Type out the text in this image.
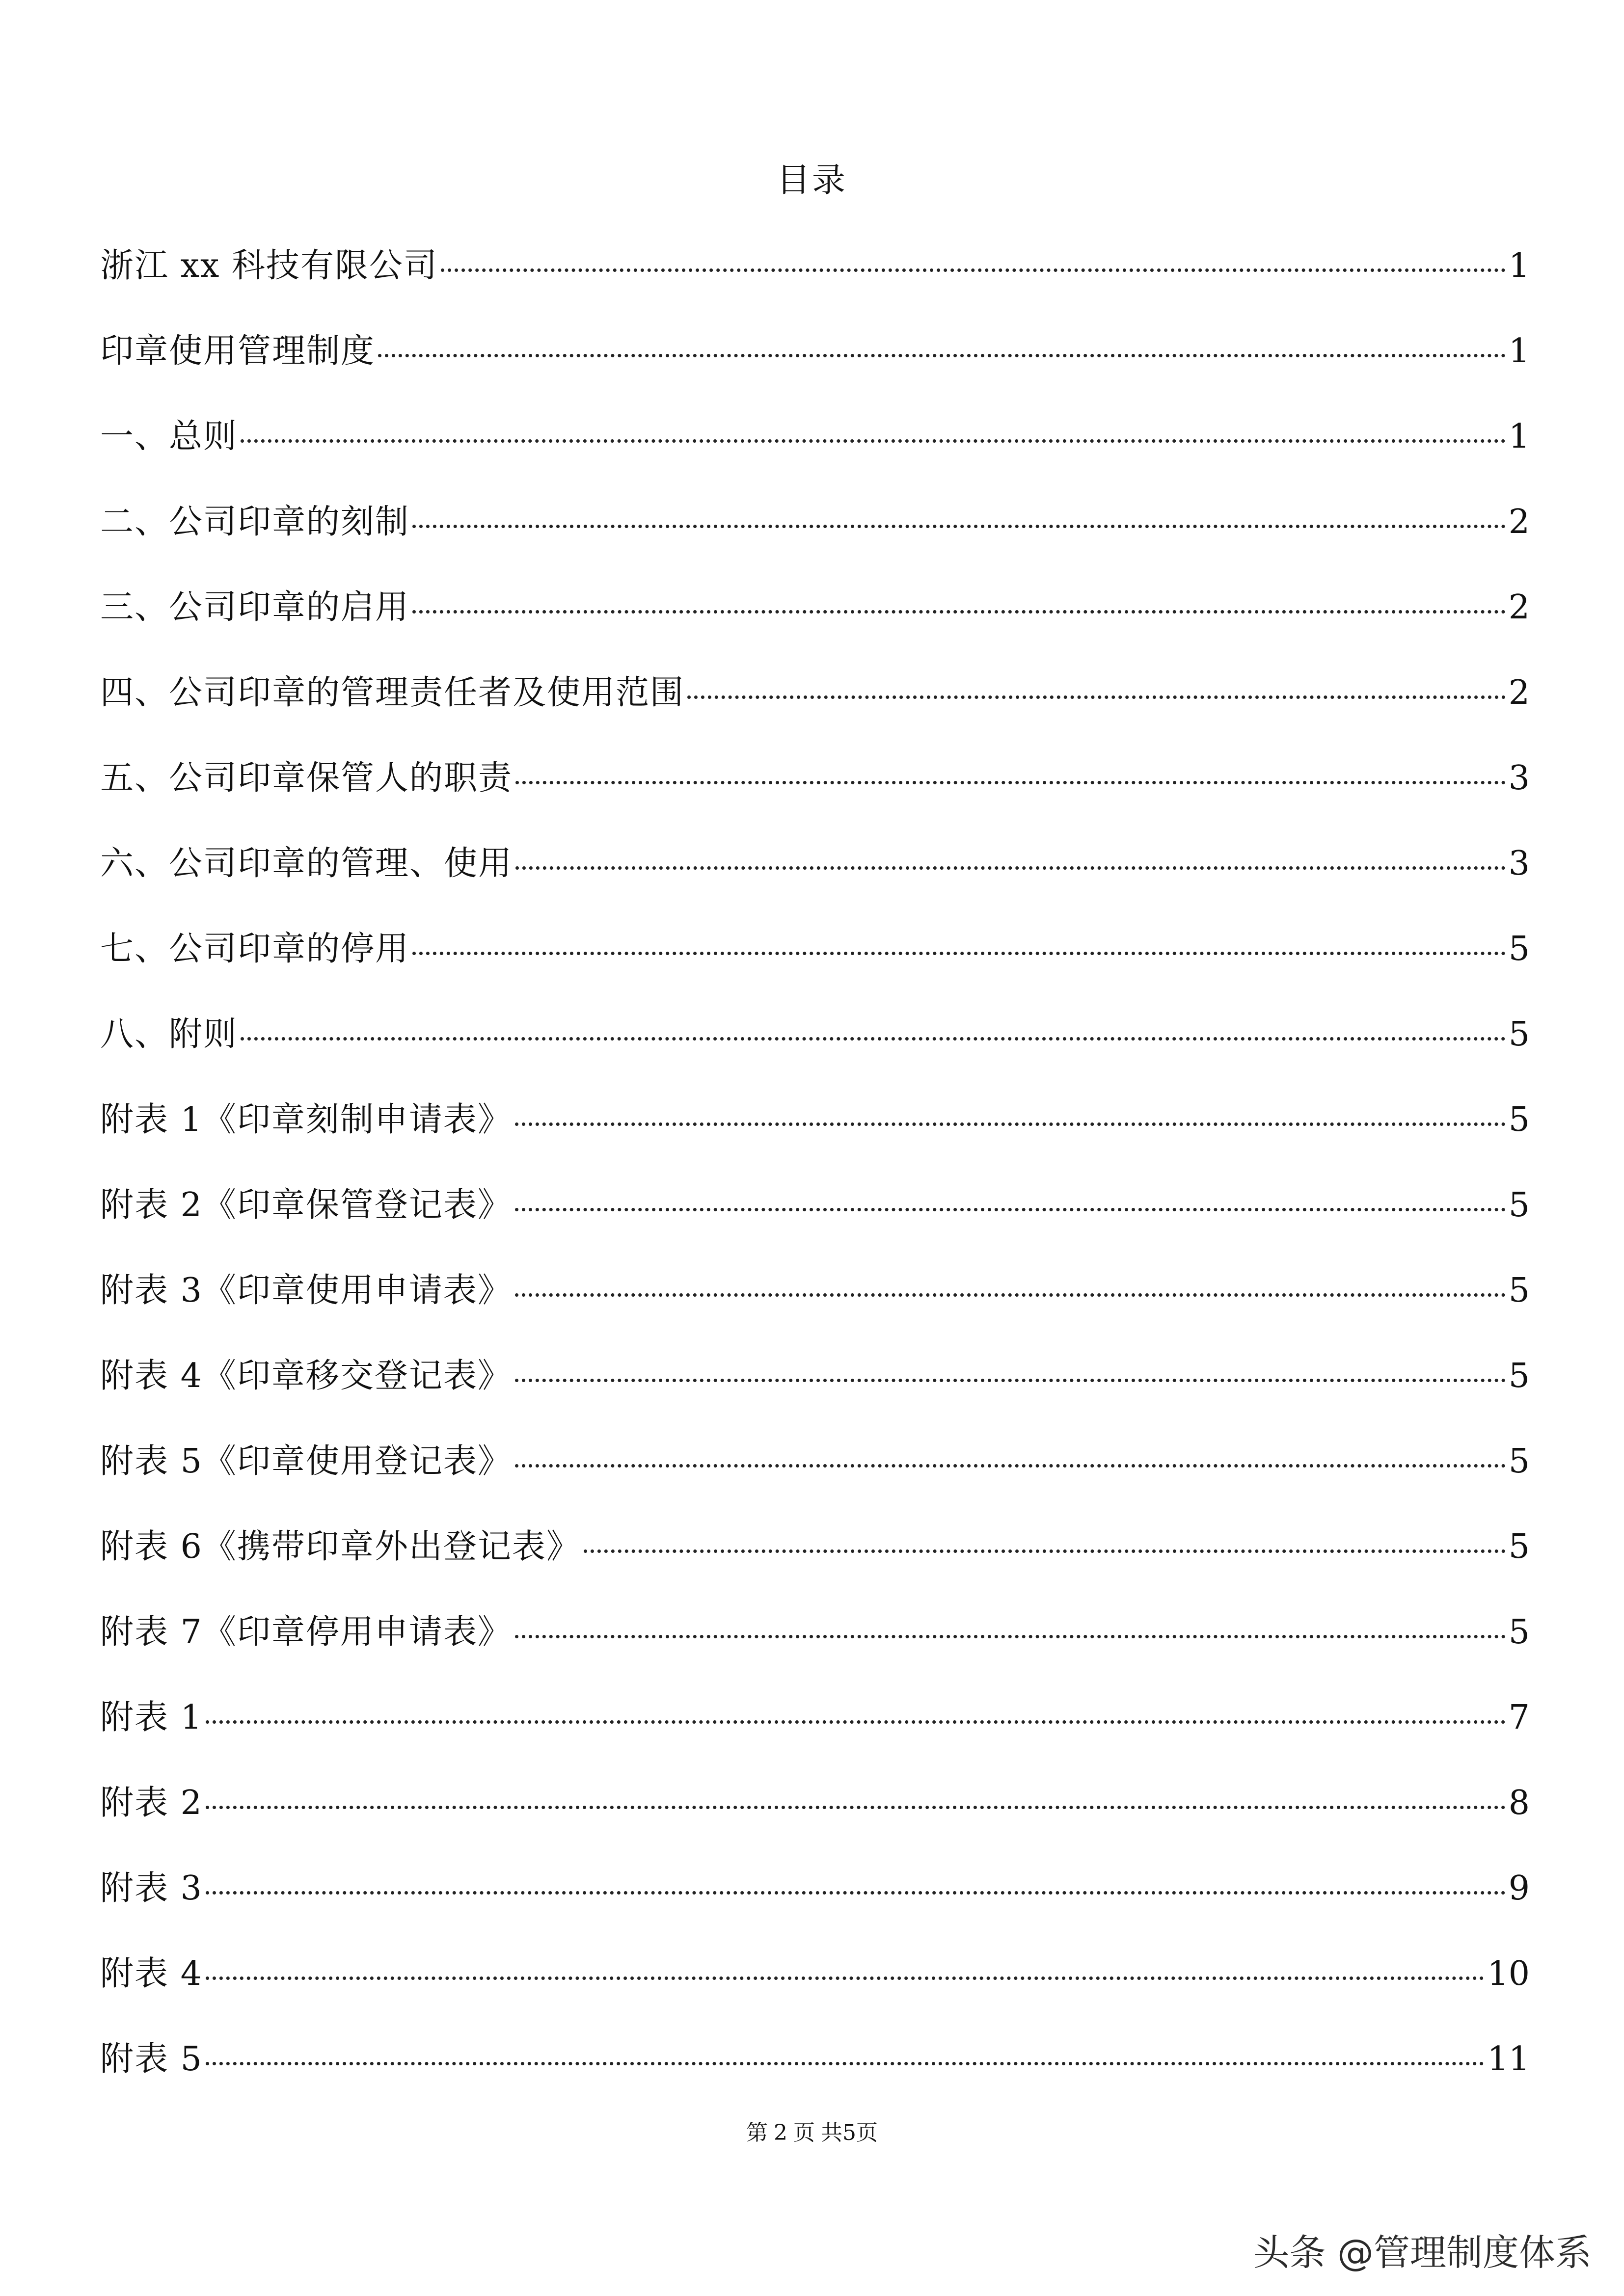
目录
浙江 xx 科技有限公司	1
印章使用管理制度	1
一、总则	1
二、公司印章的刻制	2
三、公司印章的启用	2
四、公司印章的管理责任者及使用范围	2
五、公司印章保管人的职责	3
六、公司印章的管理、使用	3
七、公司印章的停用	5
八、附则	5
附表 1《印章刻制申请表》	5
附表 2《印章保管登记表》	5
附表 3《印章使用申请表》	5
附表 4《印章移交登记表》	5
附表 5《印章使用登记表》	5
附表 6《携带印章外出登记表》	5
附表 7《印章停用申请表》	5
附表 1	7
附表 2	8
附表 3	9
附表 4	10
附表 5	11
第 2 页 共5页
头条 @管理制度体系
